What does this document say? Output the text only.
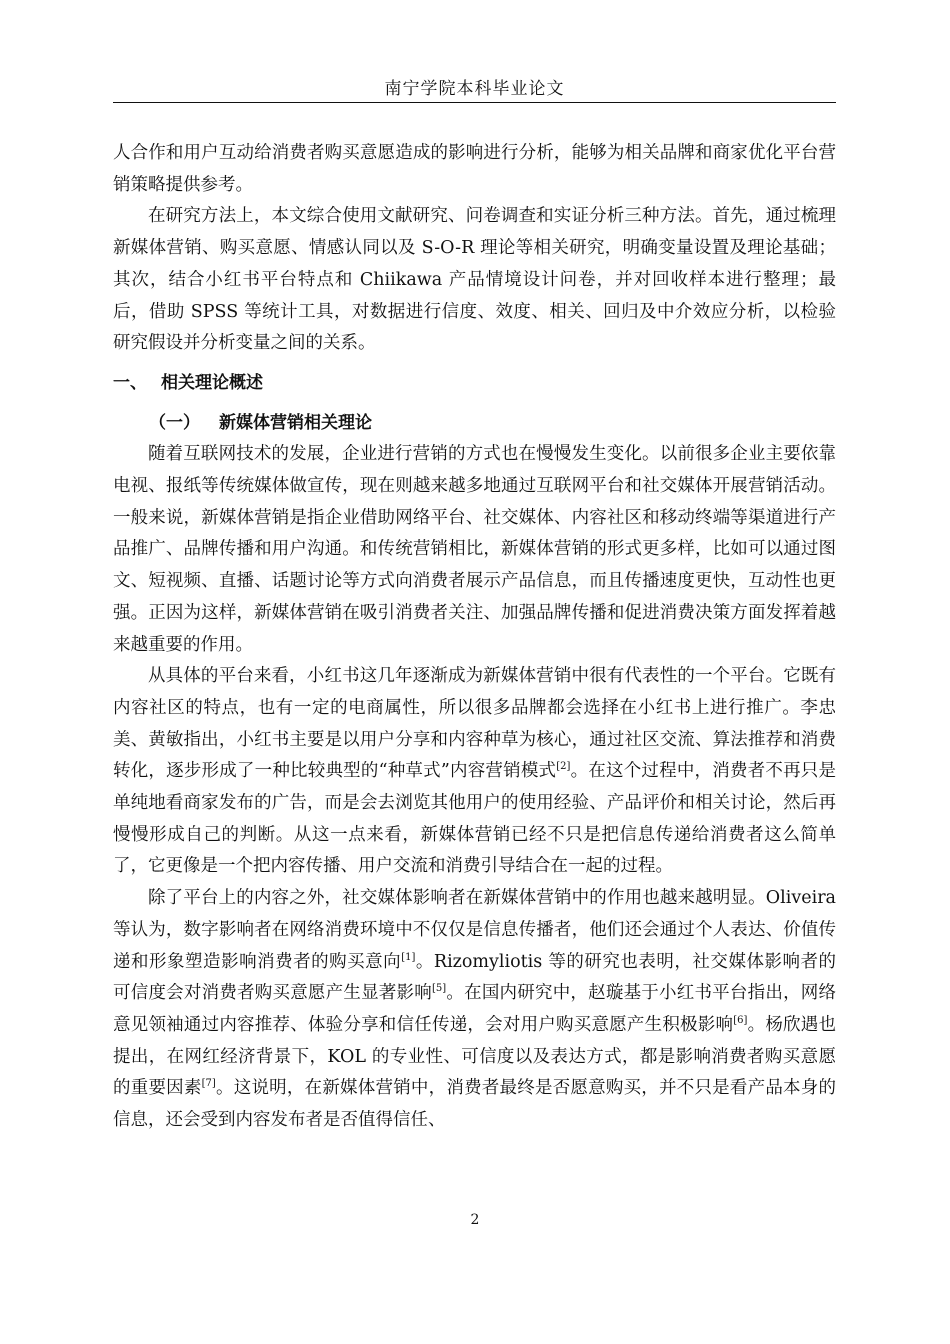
南宁学院本科毕业论文

人合作和用户互动给消费者购买意愿造成的影响进行分析，能够为相关品牌和商家优化平台营销策略提供参考。

在研究方法上，本文综合使用文献研究、问卷调查和实证分析三种方法。首先，通过梳理新媒体营销、购买意愿、情感认同以及 S-O-R 理论等相关研究，明确变量设置及理论基础；其次，结合小红书平台特点和 Chiikawa 产品情境设计问卷，并对回收样本进行整理；最后，借助 SPSS 等统计工具，对数据进行信度、效度、相关、回归及中介效应分析，以检验研究假设并分析变量之间的关系。

一、 相关理论概述
（一） 新媒体营销相关理论

随着互联网技术的发展，企业进行营销的方式也在慢慢发生变化。以前很多企业主要依靠电视、报纸等传统媒体做宣传，现在则越来越多地通过互联网平台和社交媒体开展营销活动。一般来说，新媒体营销是指企业借助网络平台、社交媒体、内容社区和移动终端等渠道进行产品推广、品牌传播和用户沟通。和传统营销相比，新媒体营销的形式更多样，比如可以通过图文、短视频、直播、话题讨论等方式向消费者展示产品信息，而且传播速度更快，互动性也更强。正因为这样，新媒体营销在吸引消费者关注、加强品牌传播和促进消费决策方面发挥着越来越重要的作用。

从具体的平台来看，小红书这几年逐渐成为新媒体营销中很有代表性的一个平台。它既有内容社区的特点，也有一定的电商属性，所以很多品牌都会选择在小红书上进行推广。李忠美、黄敏指出，小红书主要是以用户分享和内容种草为核心，通过社区交流、算法推荐和消费转化，逐步形成了一种比较典型的“种草式”内容营销模式[2]。在这个过程中，消费者不再只是单纯地看商家发布的广告，而是会去浏览其他用户的使用经验、产品评价和相关讨论，然后再慢慢形成自己的判断。从这一点来看，新媒体营销已经不只是把信息传递给消费者这么简单了，它更像是一个把内容传播、用户交流和消费引导结合在一起的过程。

除了平台上的内容之外，社交媒体影响者在新媒体营销中的作用也越来越明显。Oliveira 等认为，数字影响者在网络消费环境中不仅仅是信息传播者，他们还会通过个人表达、价值传递和形象塑造影响消费者的购买意向[1]。Rizomyliotis 等的研究也表明，社交媒体影响者的可信度会对消费者购买意愿产生显著影响[5]。在国内研究中，赵璇基于小红书平台指出，网络意见领袖通过内容推荐、体验分享和信任传递，会对用户购买意愿产生积极影响[6]。杨欣遇也提出，在网红经济背景下，KOL 的专业性、可信度以及表达方式，都是影响消费者购买意愿的重要因素[7]。这说明，在新媒体营销中，消费者最终是否愿意购买，并不只是看产品本身的信息，还会受到内容发布者是否值得信任、

2
